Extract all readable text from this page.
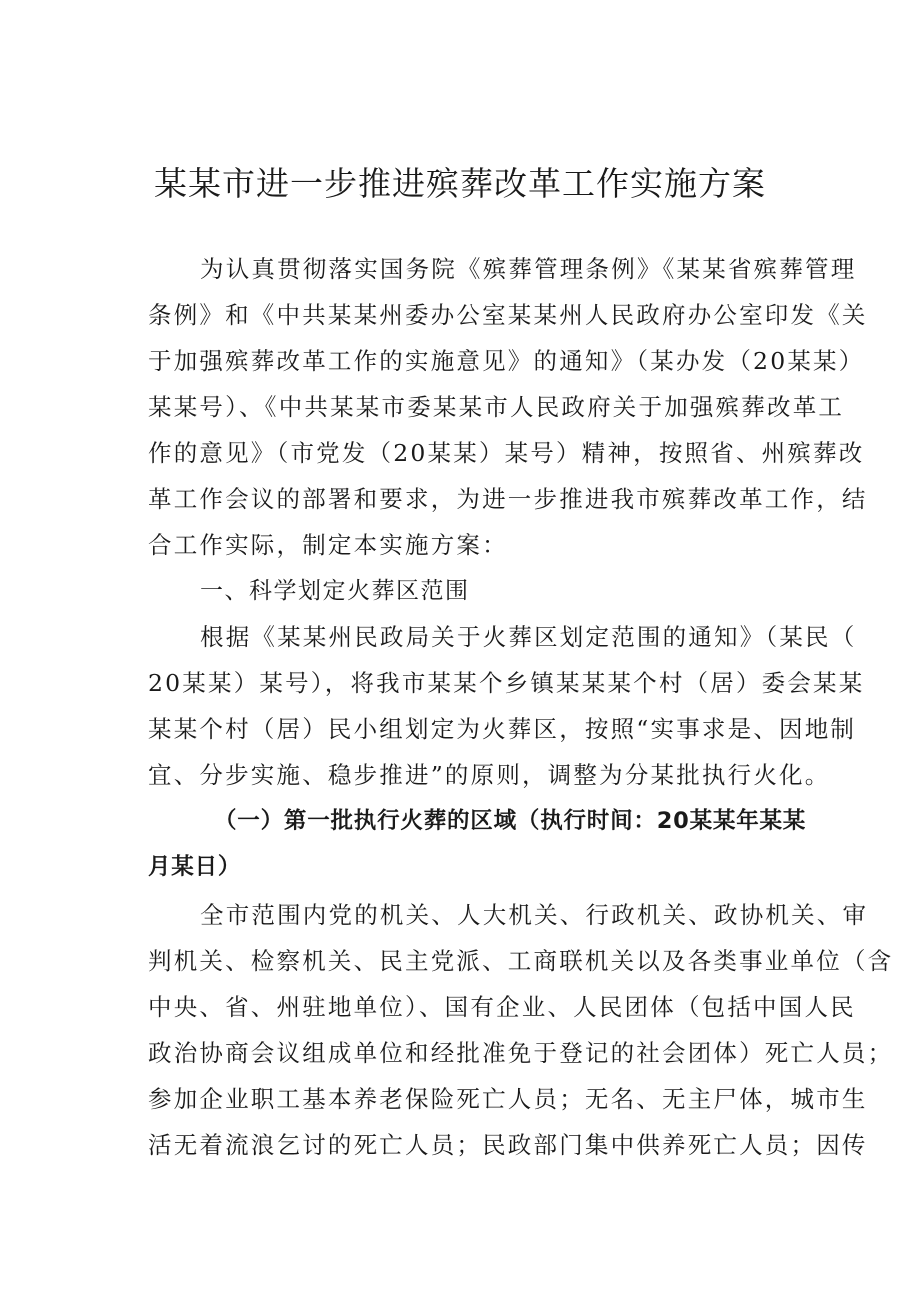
某某市进一步推进殡葬改革工作实施方案
为认真贯彻落实国务院《殡葬管理条例》《某某省殡葬管理
条例》和《中共某某州委办公室某某州人民政府办公室印发《关
于加强殡葬改革工作的实施意见》的通知》（某办发（20某某）
某某号）、《中共某某市委某某市人民政府关于加强殡葬改革工
作的意见》（市党发（20某某）某号）精神，按照省、州殡葬改
革工作会议的部署和要求，为进一步推进我市殡葬改革工作，结
合工作实际，制定本实施方案：
一、科学划定火葬区范围
根据《某某州民政局关于火葬区划定范围的通知》（某民（
20某某）某号），将我市某某个乡镇某某某个村（居）委会某某
某某个村（居）民小组划定为火葬区，按照“实事求是、因地制
宜、分步实施、稳步推进”的原则，调整为分某批执行火化。
（一）第一批执行火葬的区域（执行时间：20某某年某某
月某日）
全市范围内党的机关、人大机关、行政机关、政协机关、审
判机关、检察机关、民主党派、工商联机关以及各类事业单位（含
中央、省、州驻地单位）、国有企业、人民团体（包括中国人民
政治协商会议组成单位和经批准免于登记的社会团体）死亡人员；
参加企业职工基本养老保险死亡人员；无名、无主尸体，城市生
活无着流浪乞讨的死亡人员；民政部门集中供养死亡人员；因传
